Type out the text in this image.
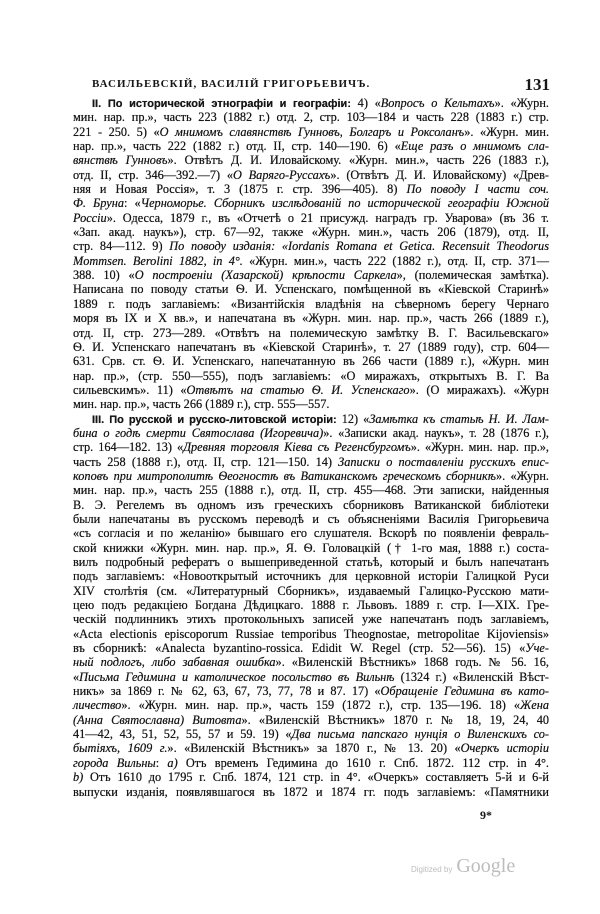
ВАСИЛЬЕВСКІЙ, ВАСИЛІЙ ГРИГОРЬЕВИЧЪ.	131
II. По исторической этнографіи и географіи: 4) «Вопросъ о Кельтахъ». «Журн.
мин. нар. пр.», часть 223 (1882 г.) отд. 2, стр. 103—184 и часть 228 (1883 г.) стр.
221 - 250. 5) «О мнимомъ славянствѣ Гунновъ, Болгаръ и Роксоланъ». «Журн. мин.
нар. пр.», часть 222 (1882 г.) отд. II, стр. 140—190. 6) «Еще разъ о мнимомъ сла-
вянствѣ Гунновъ». Отвѣтъ Д. И. Иловайскому. «Журн. мин.», часть 226 (1883 г.),
отд. II, стр. 346—392.—7) «О Варяго-Руссахъ». (Отвѣтъ Д. И. Иловайскому) «Древ-
няя и Новая Россія», т. 3 (1875 г. стр. 396—405). 8) По поводу I части соч.
Ф. Бруна: «Черноморье. Сборникъ изслѣдованій по исторической географіи Южной
Россіи». Одесса, 1879 г., въ «Отчетѣ о 21 присужд. наградъ гр. Уварова» (въ 36 т.
«Зап. акад. наукъ»), стр. 67—92, также «Журн. мин.», часть 206 (1879), отд. II,
стр. 84—112. 9) По поводу изданія: «Iordanis Romana et Getica. Recensuit Theodorus
Mommsen. Berolini 1882, in 4°. «Журн. мин.», часть 222 (1882 г.), отд. II, стр. 371—
388. 10) «О построеніи (Хазарской) крѣпости Саркела», (полемическая замѣтка).
Написана по поводу статьи Ѳ. И. Успенскаго, помѣщенной въ «Кіевской Старинѣ»
1889 г. подъ заглавіемъ: «Византійскія владѣнія на сѣверномъ берегу Чернаго
моря въ IX и X вв.», и напечатана въ «Журн. мин. нар. пр.», часть 266 (1889 г.),
отд. II, стр. 273—289. «Отвѣтъ на полемическую замѣтку В. Г. Васильевскаго»
Ѳ. И. Успенскаго напечатанъ въ «Кіевской Старинѣ», т. 27 (1889 году), стр. 604—
631. Срв. ст. Ѳ. И. Успенскаго, напечатанную въ 266 части (1889 г.), «Журн. мин
нар. пр.», (стр. 550—555), подъ заглавіемъ: «О миражахъ, открытыхъ В. Г. Ва
сильевскимъ». 11) «Отвѣтъ на статью Ѳ. И. Успенскаго». (О миражахъ). «Журн
мин. нар. пр.», часть 266 (1889 г.), стр. 555—557.
III. По русской и русско-литовской исторіи: 12) «Замѣтка къ статьѣ Н. И. Лам-
бина о годѣ смерти Святослава (Игоревича)». «Записки акад. наукъ», т. 28 (1876 г.),
стр. 164—182. 13) «Древняя торговля Кіева съ Регенсбургомъ». «Журн. мин. нар. пр.»,
часть 258 (1888 г.), отд. II, стр. 121—150. 14) Записки о поставленіи русскихъ епис-
коповъ при митрополитѣ Ѳеогностѣ въ Ватиканскомъ греческомъ сборникѣ». «Журн.
мин. нар. пр.», часть 255 (1888 г.), отд. II, стр. 455—468. Эти записки, найденныя
В. Э. Регелемъ въ одномъ изъ греческихъ сборниковъ Ватиканской библіотеки
были напечатаны въ русскомъ переводѣ и съ объясненіями Василія Григорьевича
«съ согласія и по желанію» бывшаго его слушателя. Вскорѣ по появленіи февраль-
ской книжки «Журн. мин. нар. пр.», Я. Ѳ. Головацкій († 1-го мая, 1888 г.) соста-
вилъ подробный рефератъ о вышеприведенной статьѣ, который и былъ напечатанъ
подъ заглавіемъ: «Новооткрытый источникъ для церковной исторіи Галицкой Руси
XIV столѣтія (см. «Литературный Сборникъ», издаваемый Галицко-Русскою мати-
цею подъ редакціею Богдана Дѣдицкаго. 1888 г. Львовъ. 1889 г. стр. I—XIX. Гре-
ческій подлинникъ этихъ протокольныхъ записей уже напечатанъ подъ заглавіемъ,
«Acta electionis episcoporum Russiae temporibus Theognostae, metropolitae Kijoviensis»
въ сборникѣ: «Analecta byzantino-rossica. Edidit W. Regel (стр. 52—56). 15) «Уче-
ный подлогъ, либо забавная ошибка». «Виленскій Вѣстникъ» 1868 годъ. № 56. 16,
«Письма Гедимина и католическое посольство въ Вильнѣ (1324 г.) «Виленскій Вѣст-
никъ» за 1869 г. № 62, 63, 67, 73, 77, 78 и 87. 17) «Обращеніе Гедимина въ като-
личество». «Журн. мин. нар. пр.», часть 159 (1872 г.), стр. 135—196. 18) «Жена
(Анна Святославна) Витовта». «Виленскій Вѣстникъ» 1870 г. № 18, 19, 24, 40
41—42, 43, 51, 52, 55, 57 и 59. 19) «Два письма папскаго нунція о Виленскихъ со-
бытіяхъ, 1609 г.». «Виленскій Вѣстникъ» за 1870 г., № 13. 20) «Очеркъ исторіи
города Вильны: a) Отъ временъ Гедимина до 1610 г. Спб. 1872. 112 стр. in 4°.
b) Отъ 1610 до 1795 г. Спб. 1874, 121 стр. in 4°. «Очеркъ» составляетъ 5-й и 6-й
выпуски изданія, появлявшагося въ 1872 и 1874 гг. подъ заглавіемъ: «Памятники
9*
Digitized by Google
